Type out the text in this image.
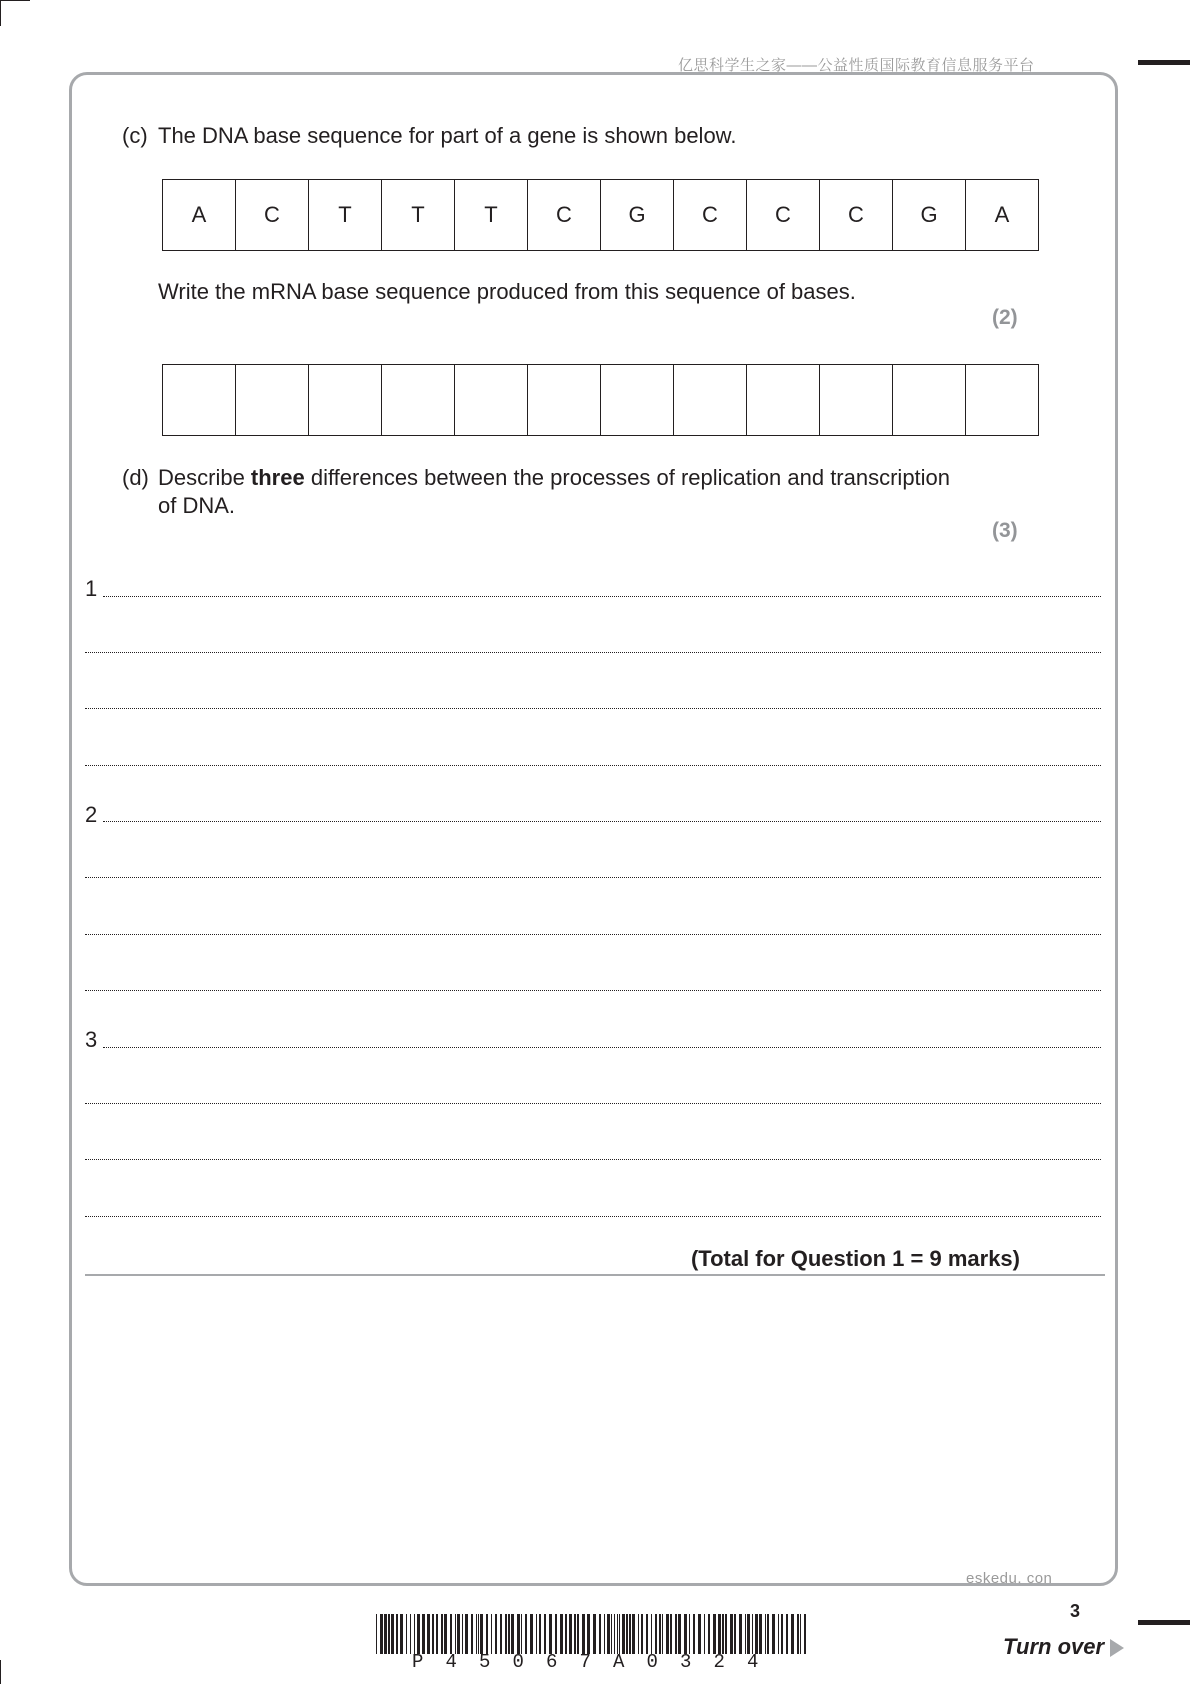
亿思科学生之家——公益性质国际教育信息服务平台
(c) The DNA base sequence for part of a gene is shown below.
A	C	T	T	T	C	G	C	C	C	G	A
Write the mRNA base sequence produced from this sequence of bases.
(2)

(d) Describe three differences between the processes of replication and transcription
of DNA.
(3)
1
2
3
(Total for Question 1 = 9 marks)
eskedu. con
3
Turn over
P 4 5 0 6 7 A 0 3 2 4
